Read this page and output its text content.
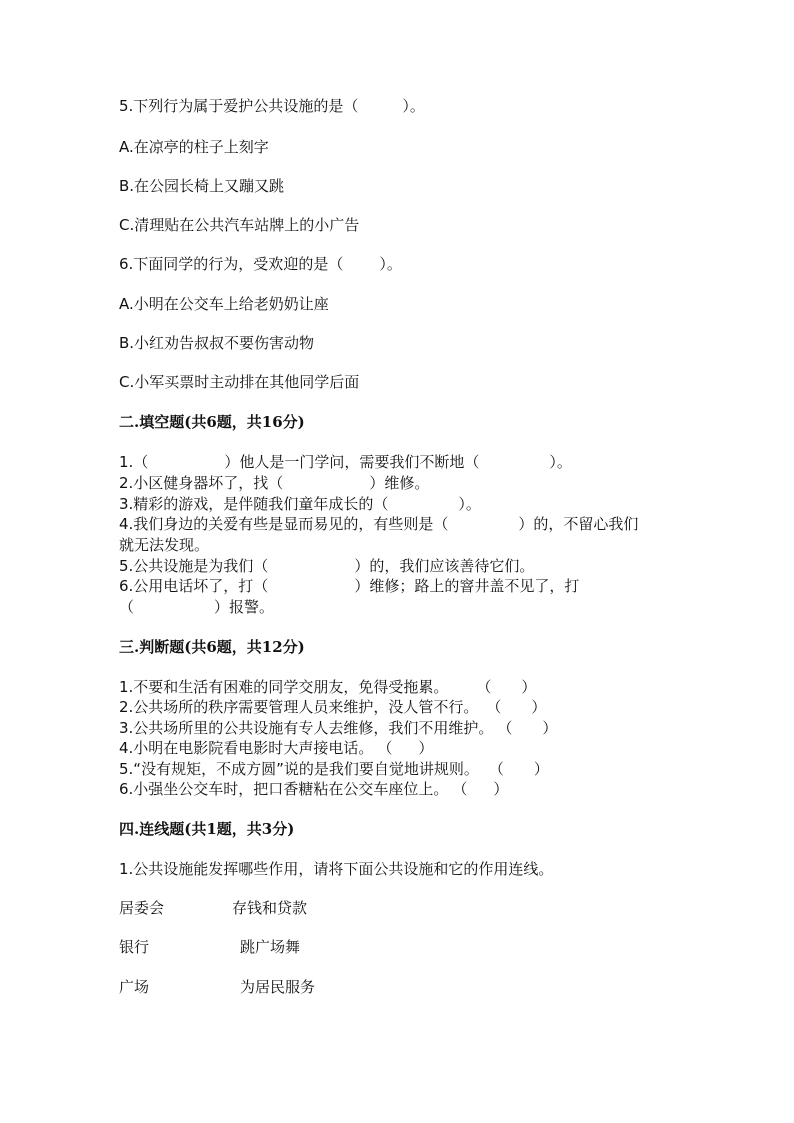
5.下列行为属于爱护公共设施的是（	）。

A.在凉亭的柱子上刻字

B.在公园长椅上又蹦又跳

C.清理贴在公共汽车站牌上的小广告

6.下面同学的行为，受欢迎的是（ ）。

A.小明在公交车上给老奶奶让座

B.小红劝告叔叔不要伤害动物

C.小军买票时主动排在其他同学后面

二.填空题(共6题，共16分)

1.（	）他人是一门学问，需要我们不断地（	）。

2.小区健身器坏了，找（	）维修。

3.精彩的游戏，是伴随我们童年成长的（	）。

4.我们身边的关爱有些是显而易见的，有些则是（	）的，不留心我们

就无法发现。

5.公共设施是为我们（	）的，我们应该善待它们。

6.公用电话坏了，打（	）维修；路上的窨井盖不见了，打

（	）报警。

三.判断题(共6题，共12分)

1.不要和生活有困难的同学交朋友，免得受拖累。 （ ）

2.公共场所的秩序需要管理人员来维护，没人管不行。 （ ）

3.公共场所里的公共设施有专人去维修，我们不用维护。 （ ）

4.小明在电影院看电影时大声接电话。 （ ）

5.“没有规矩，不成方圆”说的是我们要自觉地讲规则。 （ ）

6.小强坐公交车时，把口香糖粘在公交车座位上。 （ ）

四.连线题(共1题，共3分)

1.公共设施能发挥哪些作用，请将下面公共设施和它的作用连线。

居委会	存钱和贷款

银行	跳广场舞

广场	为居民服务
